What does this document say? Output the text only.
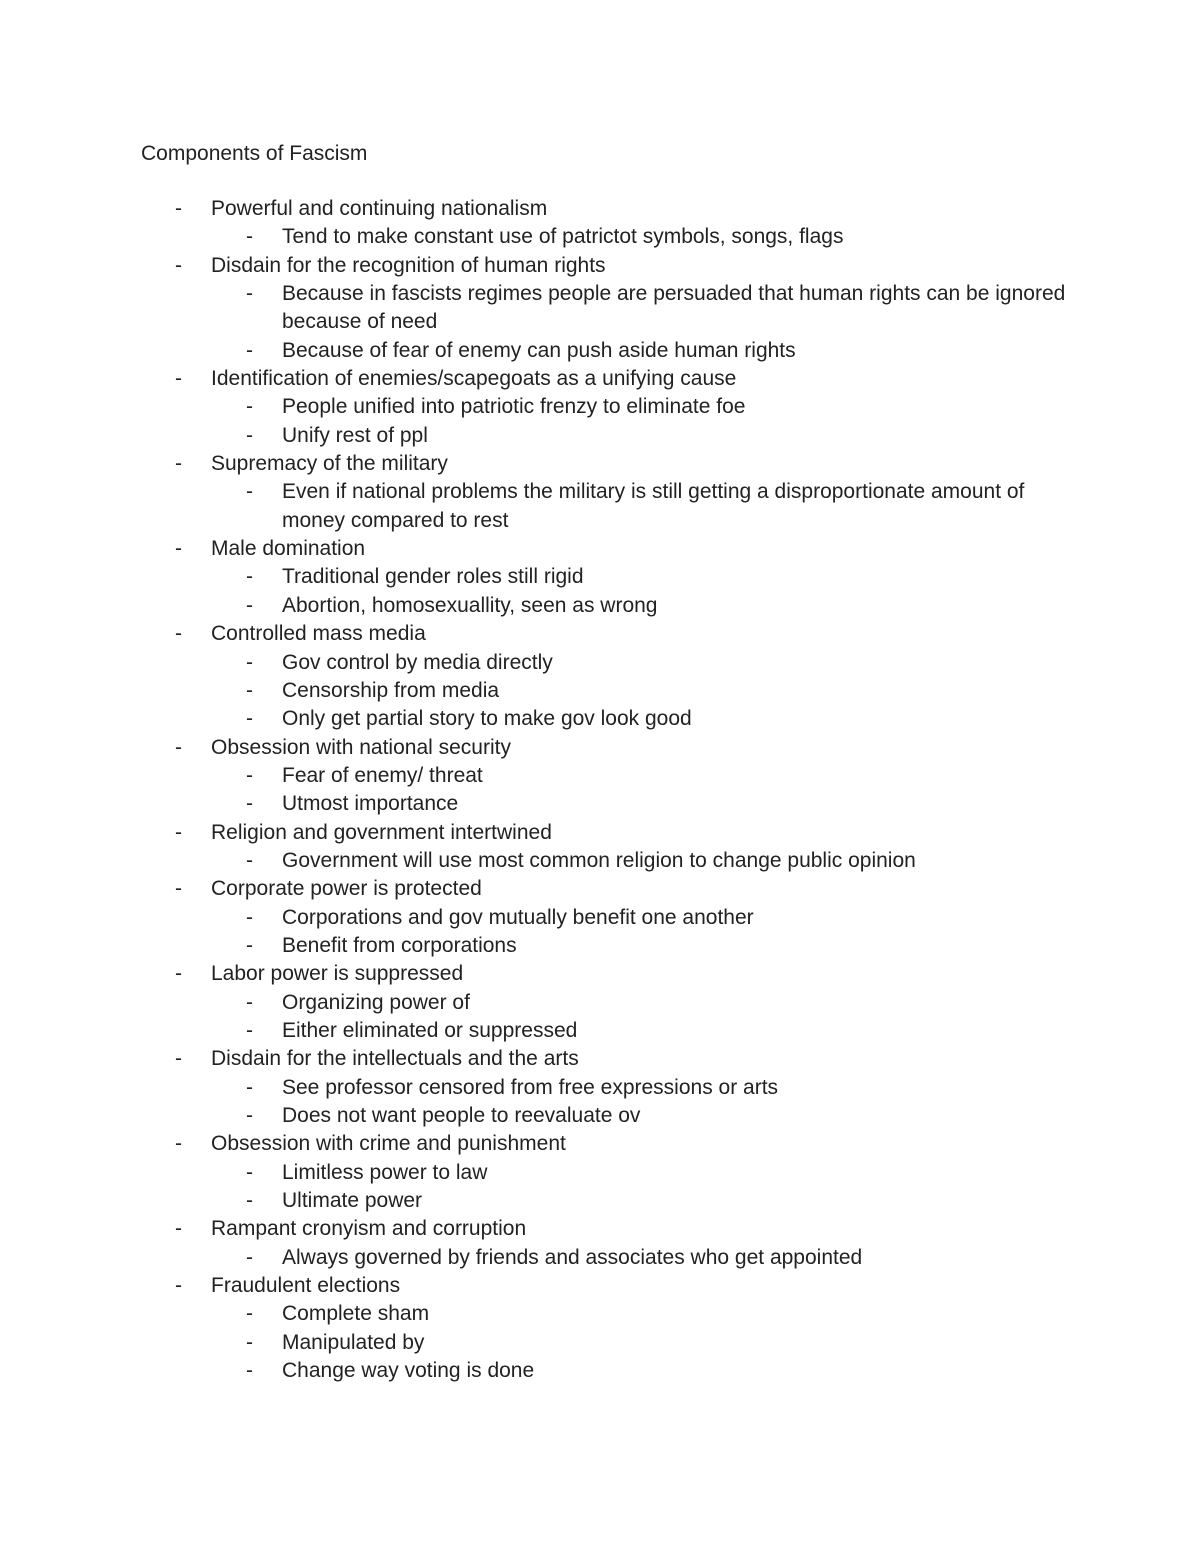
Components of Fascism
- Powerful and continuing nationalism
- Tend to make constant use of patrictot symbols, songs, flags
- Disdain for the recognition of human rights
- Because in fascists regimes people are persuaded that human rights can be ignored because of need
- Because of fear of enemy can push aside human rights
- Identification of enemies/scapegoats as a unifying cause
- People unified into patriotic frenzy to eliminate foe
- Unify rest of ppl
- Supremacy of the military
- Even if national problems the military is still getting a disproportionate amount of money compared to rest
- Male domination
- Traditional gender roles still rigid
- Abortion, homosexuallity, seen as wrong
- Controlled mass media
- Gov control by media directly
- Censorship from media
- Only get partial story to make gov look good
- Obsession with national security
- Fear of enemy/ threat
- Utmost importance
- Religion and government intertwined
- Government will use most common religion to change public opinion
- Corporate power is protected
- Corporations and gov mutually benefit one another
- Benefit from corporations
- Labor power is suppressed
- Organizing power of
- Either eliminated or suppressed
- Disdain for the intellectuals and the arts
- See professor censored from free expressions or arts
- Does not want people to reevaluate ov
- Obsession with crime and punishment
- Limitless power to law
- Ultimate power
- Rampant cronyism and corruption
- Always governed by friends and associates who get appointed
- Fraudulent elections
- Complete sham
- Manipulated by
- Change way voting is done
